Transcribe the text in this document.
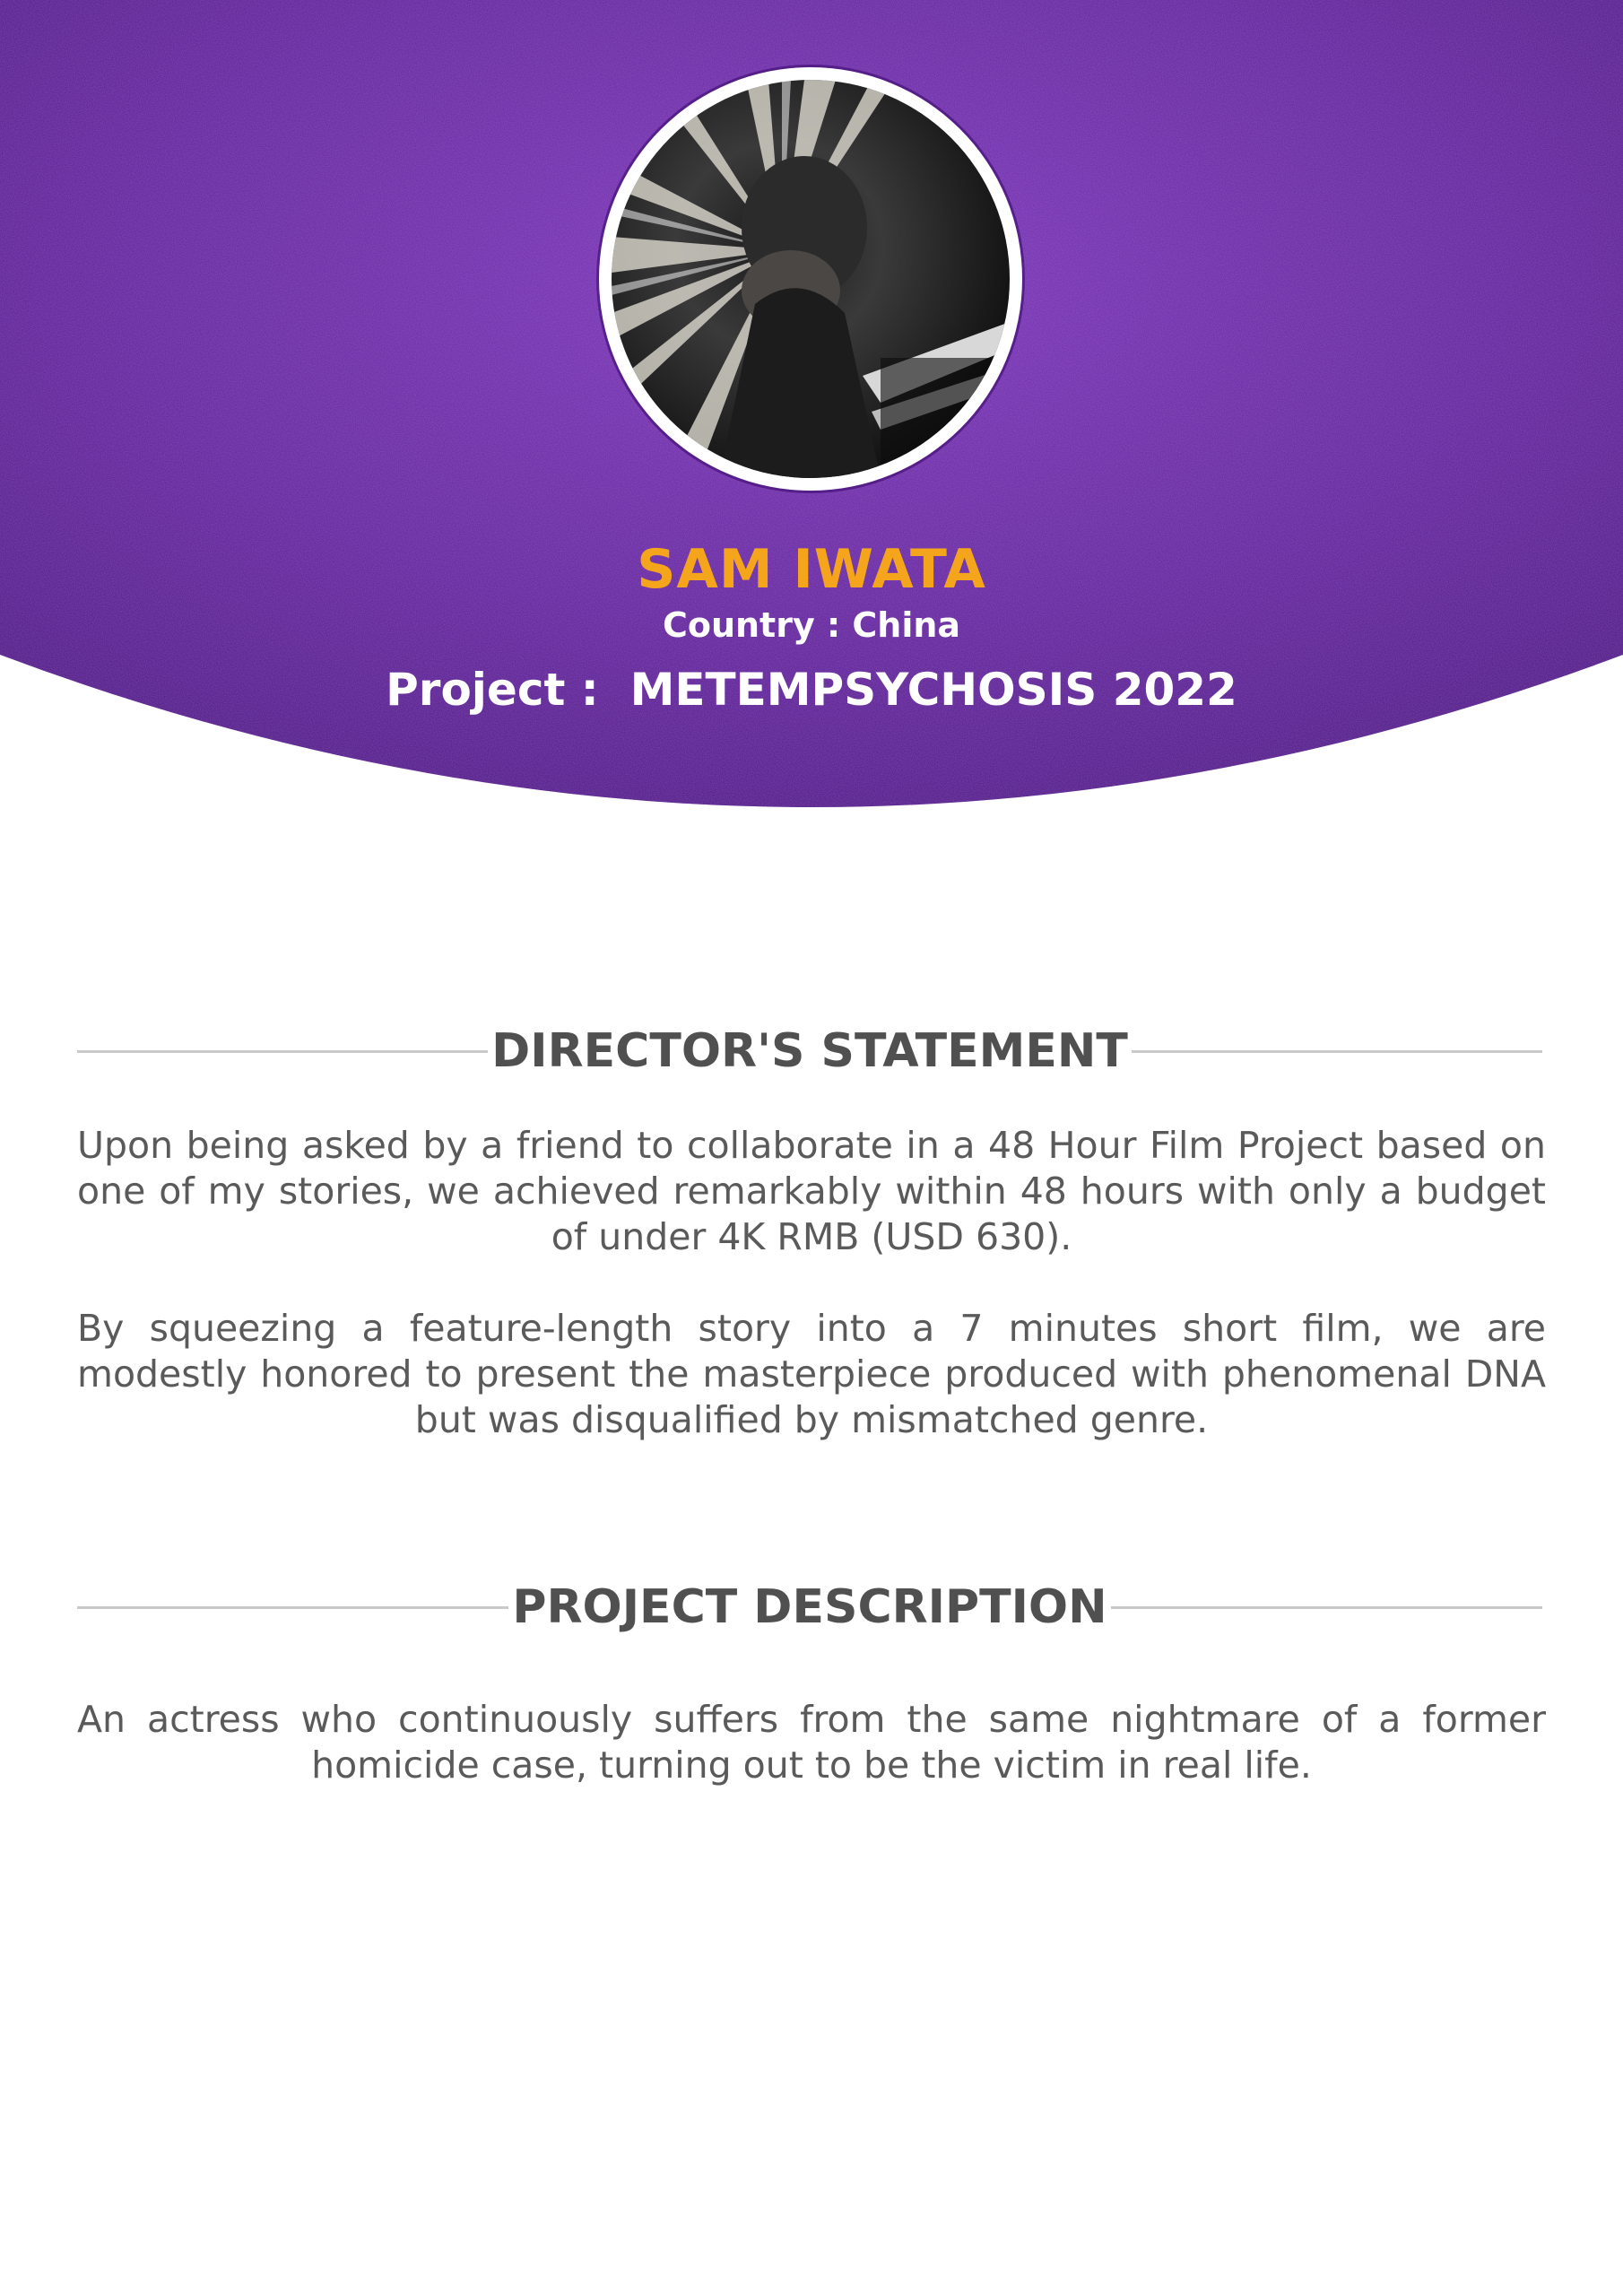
SAM IWATA
Country : China
Project :  METEMPSYCHOSIS 2022
DIRECTOR'S STATEMENT

Upon being asked by a friend to collaborate in a 48 Hour Film Project based on one of my stories, we achieved remarkably within 48 hours with only a budget of under 4K RMB (USD 630).

By squeezing a feature-length story into a 7 minutes short film, we are modestly honored to present the masterpiece produced with phenomenal DNA but was disqualified by mismatched genre.

PROJECT DESCRIPTION

An actress who continuously suffers from the same nightmare of a former homicide case, turning out to be the victim in real life.
